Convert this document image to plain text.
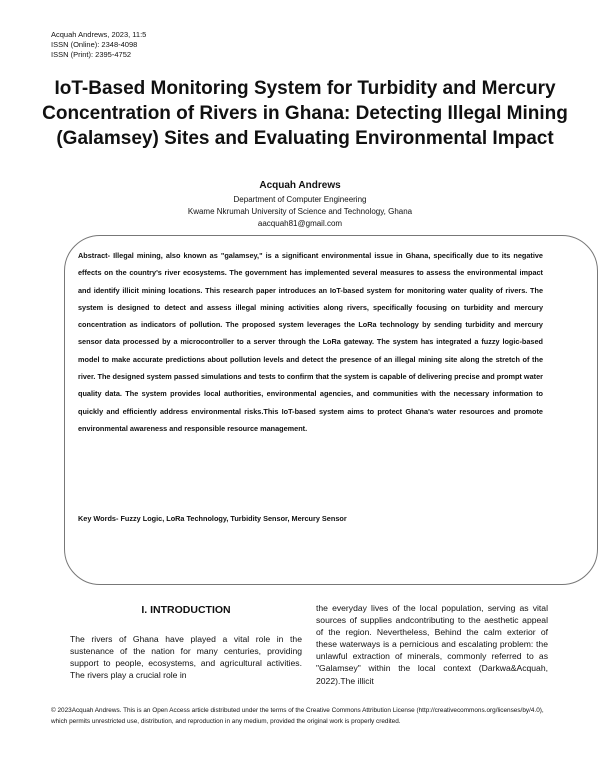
Acquah Andrews, 2023, 11:5
ISSN (Online): 2348-4098
ISSN (Print): 2395-4752
IoT-Based Monitoring System for Turbidity and Mercury Concentration of Rivers in Ghana: Detecting Illegal Mining (Galamsey) Sites and Evaluating Environmental Impact
Acquah Andrews
Department of Computer Engineering
Kwame Nkrumah University of Science and Technology, Ghana
aacquah81@gmail.com
Abstract- Illegal mining, also known as "galamsey," is a significant environmental issue in Ghana, specifically due to its negative effects on the country's river ecosystems. The government has implemented several measures to assess the environmental impact and identify illicit mining locations. This research paper introduces an IoT-based system for monitoring water quality of rivers. The system is designed to detect and assess illegal mining activities along rivers, specifically focusing on turbidity and mercury concentration as indicators of pollution. The proposed system leverages the LoRa technology by sending turbidity and mercury sensor data processed by a microcontroller to a server through the LoRa gateway. The system has integrated a fuzzy logic-based model to make accurate predictions about pollution levels and detect the presence of an illegal mining site along the stretch of the river. The designed system passed simulations and tests to confirm that the system is capable of delivering precise and prompt water quality data. The system provides local authorities, environmental agencies, and communities with the necessary information to quickly and efficiently address environmental risks.This IoT-based system aims to protect Ghana's water resources and promote environmental awareness and responsible resource management.
Key Words- Fuzzy Logic, LoRa Technology, Turbidity Sensor, Mercury Sensor
I. INTRODUCTION
The rivers of Ghana have played a vital role in the sustenance of the nation for many centuries, providing support to people, ecosystems, and agricultural activities. The rivers play a crucial role in
the everyday lives of the local population, serving as vital sources of supplies andcontributing to the aesthetic appeal of the region. Nevertheless, Behind the calm exterior of these waterways is a pernicious and escalating problem: the unlawful extraction of minerals, commonly referred to as "Galamsey" within the local context (Darkwa&Acquah, 2022).The illicit
© 2023Acquah Andrews. This is an Open Access article distributed under the terms of the Creative Commons Attribution License (http://creativecommons.org/licenses/by/4.0), which permits unrestricted use, distribution, and reproduction in any medium, provided the original work is properly credited.
